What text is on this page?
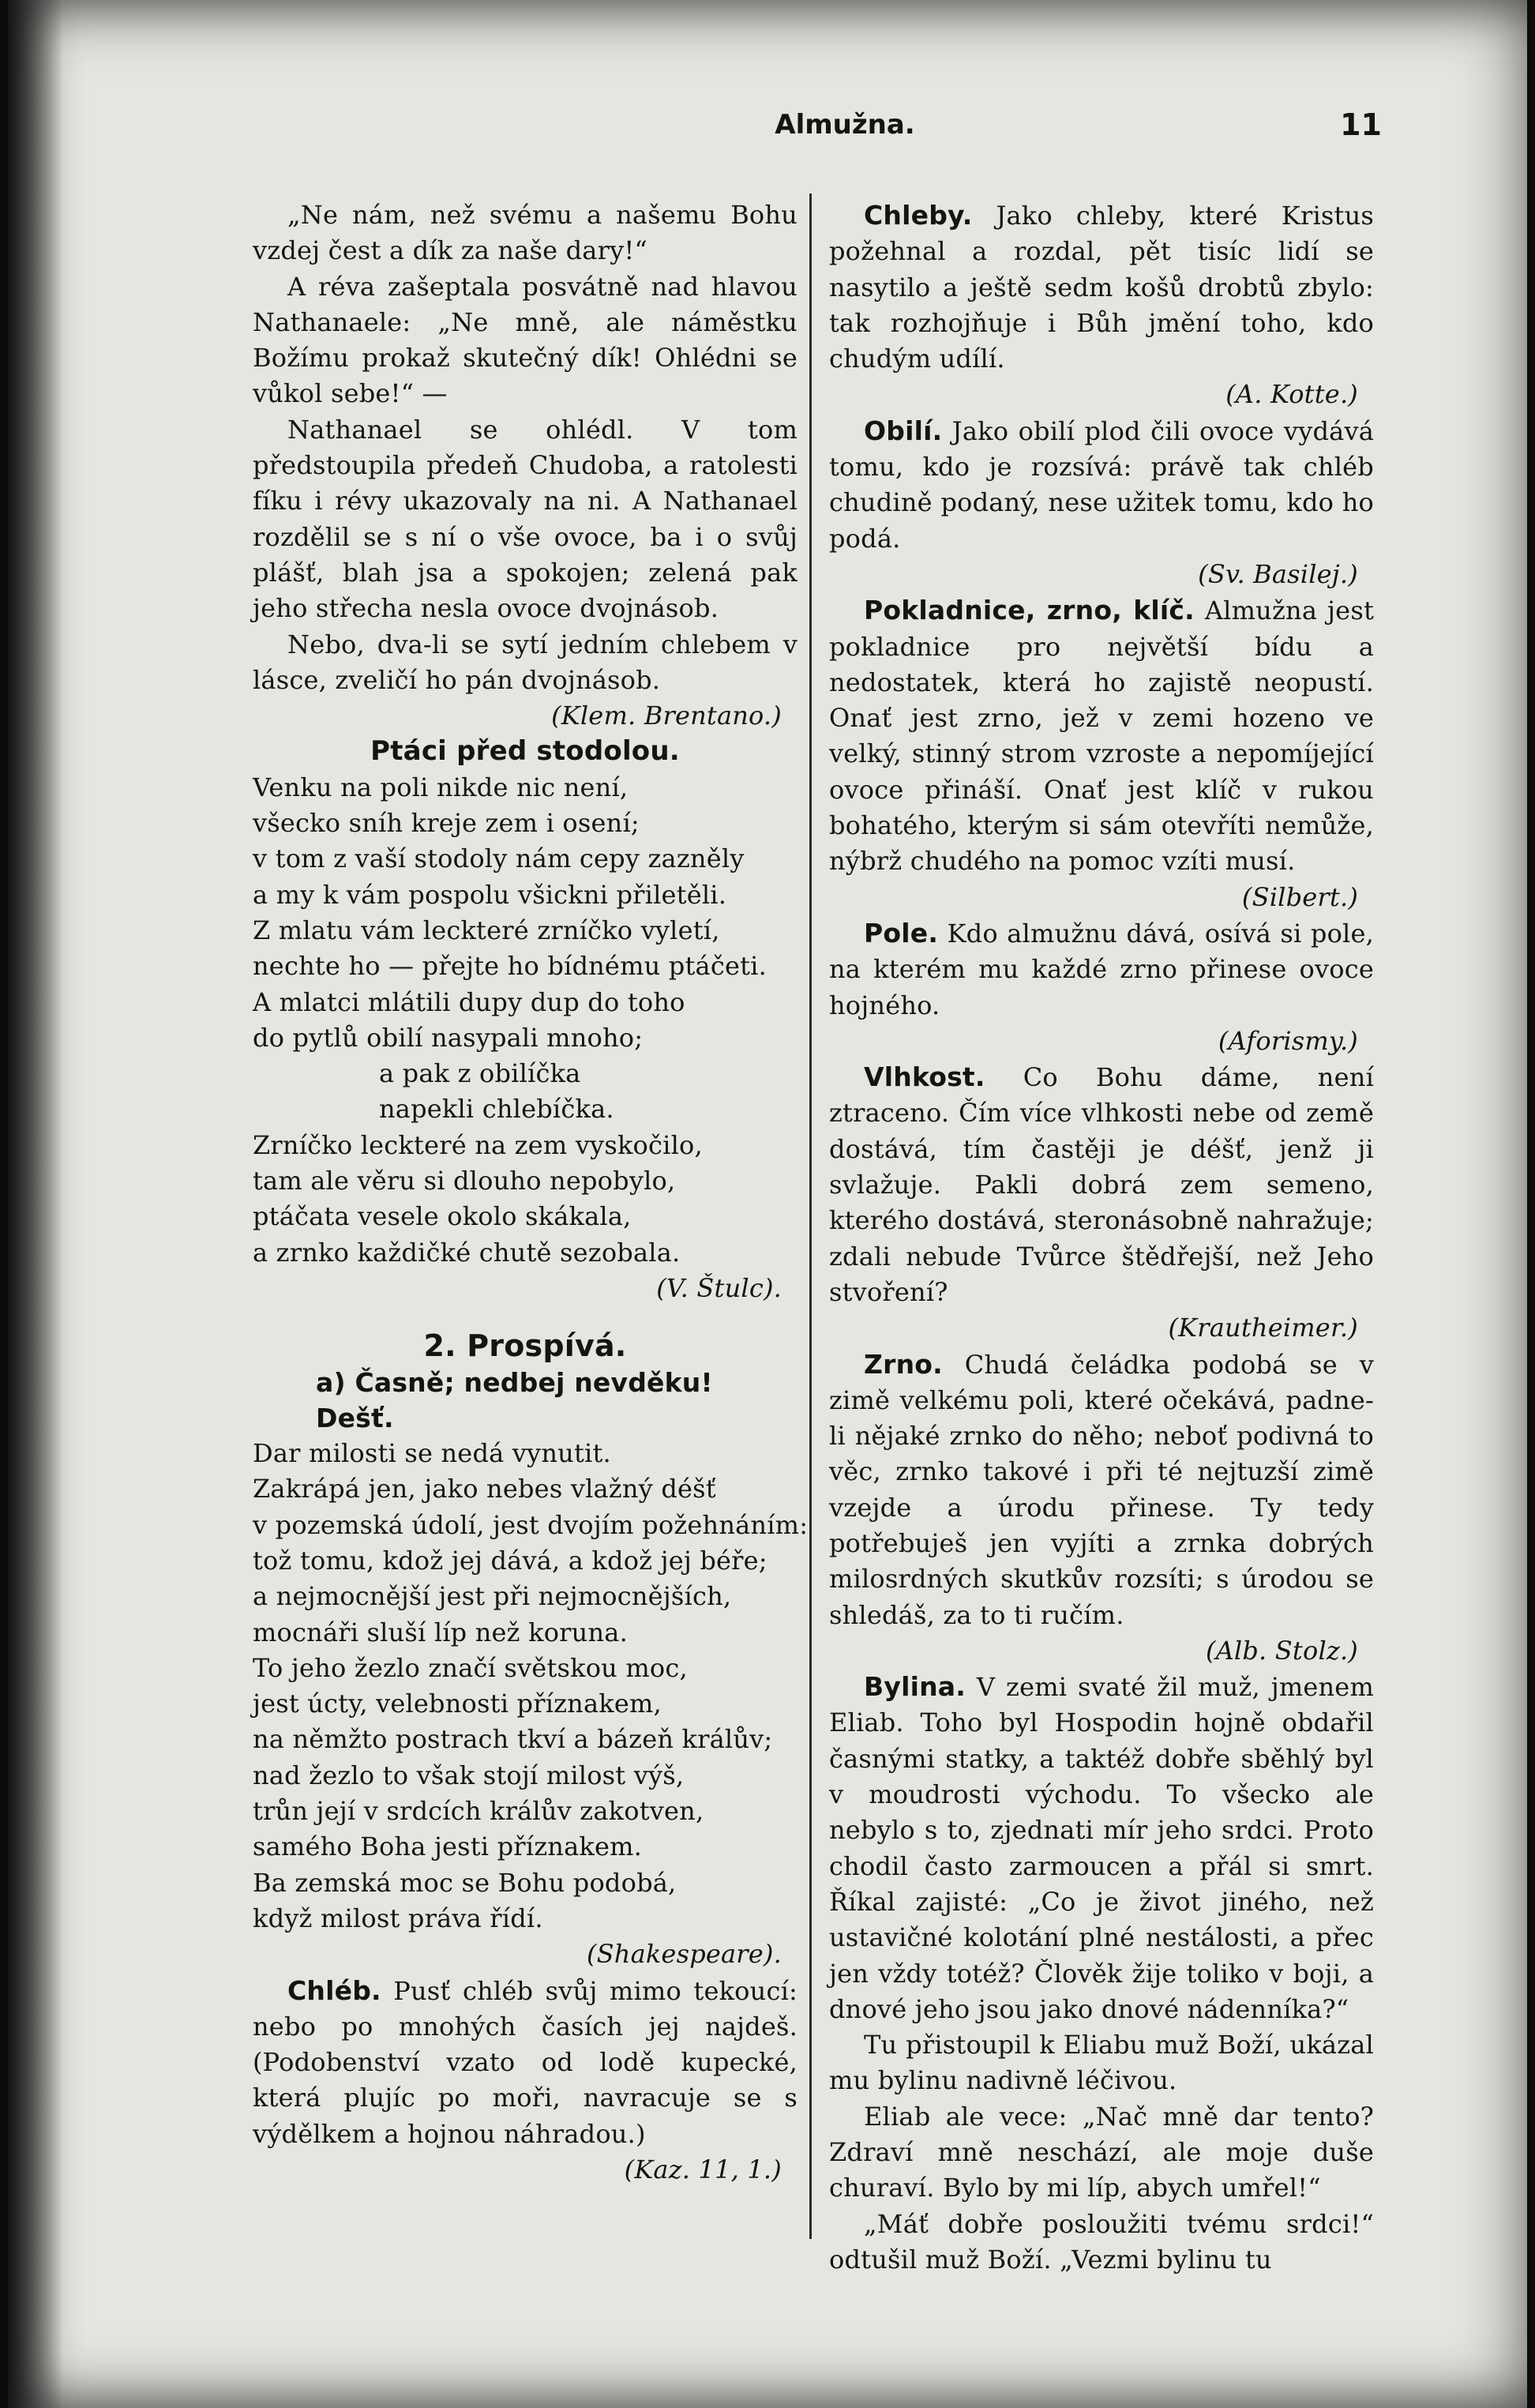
Almužna.	11

„Ne nám, než svému a našemu Bohu vzdej čest a dík za naše dary!“

A réva zašeptala posvátně nad hlavou Nathanaele: „Ne mně, ale náměstku Božímu prokaž skutečný dík! Ohlédni se vůkol sebe!“ —

Nathanael se ohlédl. V tom předstoupila předeň Chudoba, a ratolesti fíku i révy ukazovaly na ni. A Nathanael rozdělil se s ní o vše ovoce, ba i o svůj plášť, blah jsa a spokojen; zelená pak jeho střecha nesla ovoce dvojnásob.

Nebo, dva-li se sytí jedním chlebem v lásce, zveličí ho pán dvojnásob.

(Klem. Brentano.)

Ptáci před stodolou.

Venku na poli nikde nic není,

všecko sníh kreje zem i osení;

v tom z vaší stodoly nám cepy zazněly

a my k vám pospolu všickni přiletěli.

Z mlatu vám leckteré zrníčko vyletí,

nechte ho — přejte ho bídnému ptáčeti.

A mlatci mlátili dupy dup do toho

do pytlů obilí nasypali mnoho;

a pak z obilíčka

napekli chlebíčka.

Zrníčko leckteré na zem vyskočilo,

tam ale věru si dlouho nepobylo,

ptáčata vesele okolo skákala,

a zrnko každičké chutě sezobala.

(V. Štulc).

2. Prospívá.

a) Časně; nedbej nevděku!

Dešť.

Dar milosti se nedá vynutit.

Zakrápá jen, jako nebes vlažný déšť

v pozemská údolí, jest dvojím požehnáním:

tož tomu, kdož jej dává, a kdož jej béře;

a nejmocnější jest při nejmocnějších,

mocnáři sluší líp než koruna.

To jeho žezlo značí světskou moc,

jest úcty, velebnosti příznakem,

na němžto postrach tkví a bázeň králův;

nad žezlo to však stojí milost výš,

trůn její v srdcích králův zakotven,

samého Boha jesti příznakem.

Ba zemská moc se Bohu podobá,

když milost práva řídí.

(Shakespeare).

Chléb. Pusť chléb svůj mimo tekoucí: nebo po mnohých časích jej najdeš. (Podobenství vzato od lodě kupecké, která plujíc po moři, navracuje se s výdělkem a hojnou náhradou.)

(Kaz. 11, 1.)

Chleby. Jako chleby, které Kristus požehnal a rozdal, pět tisíc lidí se nasytilo a ještě sedm košů drobtů zbylo: tak rozhojňuje i Bůh jmění toho, kdo chudým udílí.

(A. Kotte.)

Obilí. Jako obilí plod čili ovoce vydává tomu, kdo je rozsívá: právě tak chléb chudině podaný, nese užitek tomu, kdo ho podá.

(Sv. Basilej.)

Pokladnice, zrno, klíč. Almužna jest pokladnice pro největší bídu a nedostatek, která ho zajistě neopustí. Onať jest zrno, jež v zemi hozeno ve velký, stinný strom vzroste a nepomíjející ovoce přináší. Onať jest klíč v rukou bohatého, kterým si sám otevříti nemůže, nýbrž chudého na pomoc vzíti musí.

(Silbert.)

Pole. Kdo almužnu dává, osívá si pole, na kterém mu každé zrno přinese ovoce hojného.

(Aforismy.)

Vlhkost. Co Bohu dáme, není ztraceno. Čím více vlhkosti nebe od země dostává, tím častěji je déšť, jenž ji svlažuje. Pakli dobrá zem semeno, kterého dostává, steronásobně nahražuje; zdali nebude Tvůrce štědřejší, než Jeho stvoření?

(Krautheimer.)

Zrno. Chudá čeládka podobá se v zimě velkému poli, které očekává, padne-li nějaké zrnko do něho; neboť podivná to věc, zrnko takové i při té nejtuzší zimě vzejde a úrodu přinese. Ty tedy potřebuješ jen vyjíti a zrnka dobrých milosrdných skutkův rozsíti; s úrodou se shledáš, za to ti ručím.

(Alb. Stolz.)

Bylina. V zemi svaté žil muž, jmenem Eliab. Toho byl Hospodin hojně obdařil časnými statky, a taktéž dobře sběhlý byl v moudrosti východu. To všecko ale nebylo s to, zjednati mír jeho srdci. Proto chodil často zarmoucen a přál si smrt. Říkal zajisté: „Co je život jiného, než ustavičné kolotání plné nestálosti, a přec jen vždy totéž? Člověk žije toliko v boji, a dnové jeho jsou jako dnové nádenníka?“

Tu přistoupil k Eliabu muž Boží, ukázal mu bylinu nadivně léčivou.

Eliab ale vece: „Nač mně dar tento? Zdraví mně neschází, ale moje duše churaví. Bylo by mi líp, abych umřel!“

„Máť dobře posloužiti tvému srdci!“ odtušil muž Boží. „Vezmi bylinu tu
